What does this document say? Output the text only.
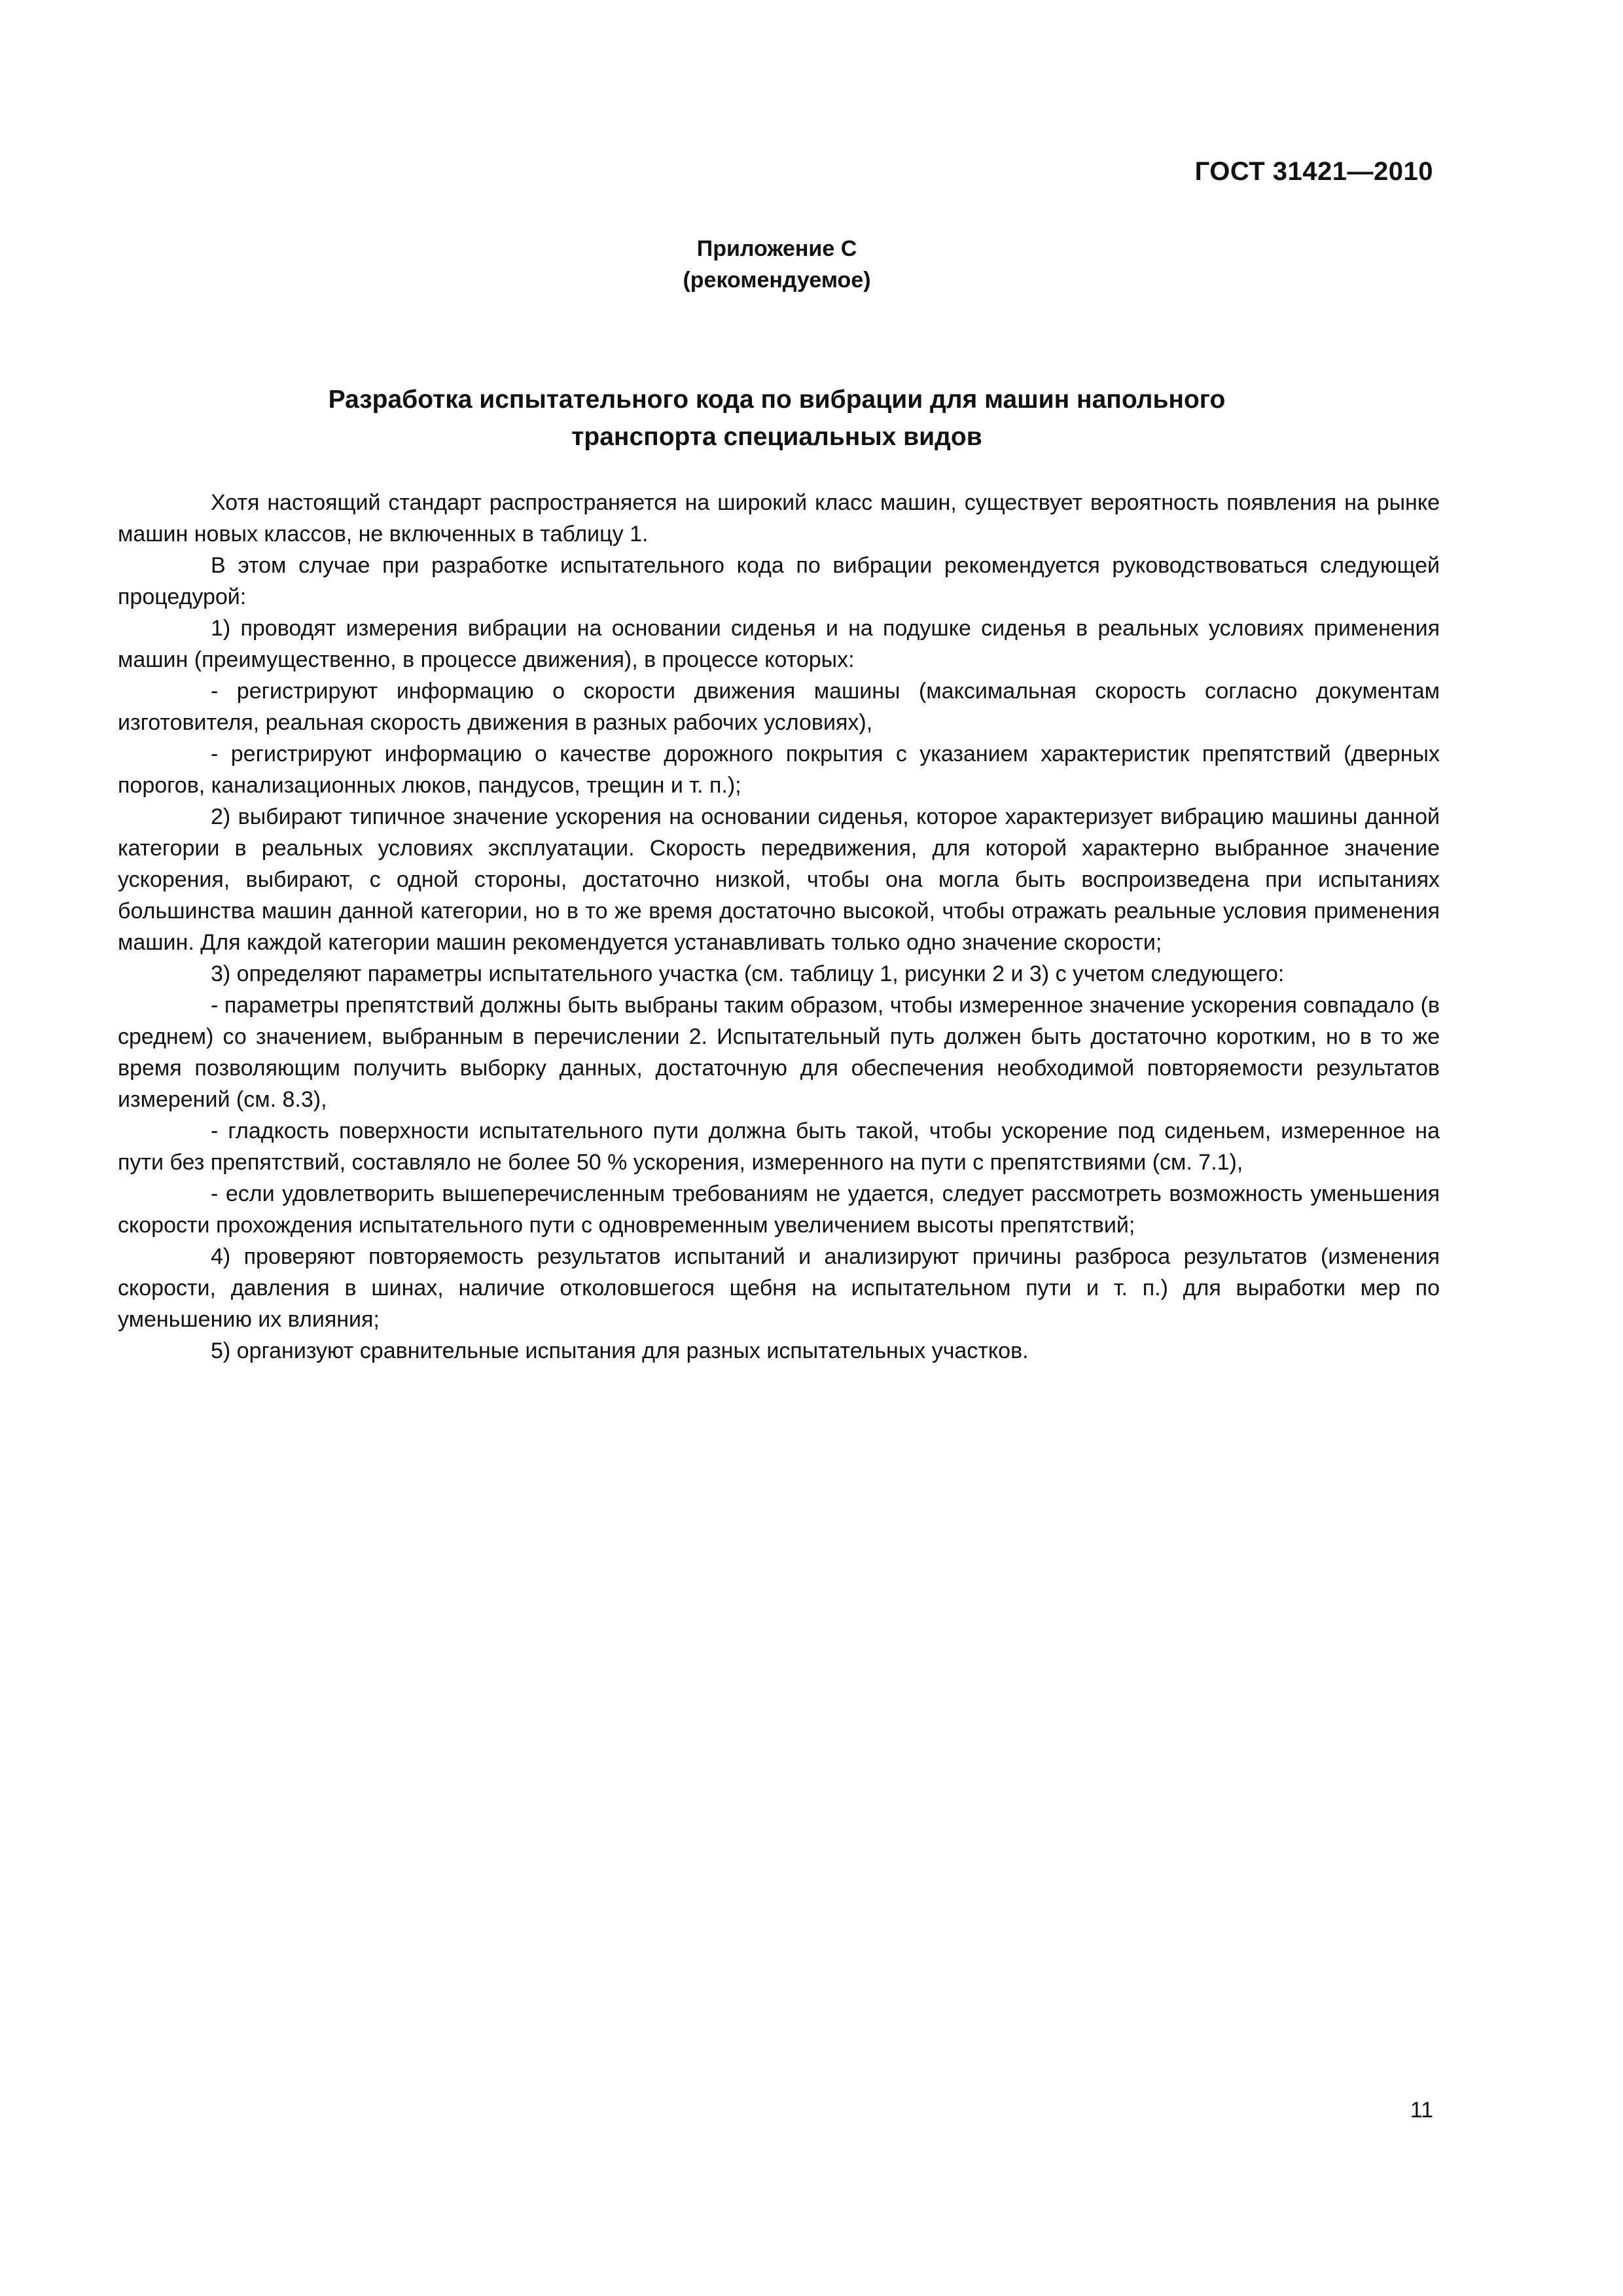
ГОСТ 31421—2010
Приложение С
(рекомендуемое)
Разработка испытательного кода по вибрации для машин напольного
транспорта специальных видов

Хотя настоящий стандарт распространяется на широкий класс машин, существует вероятность появления на рынке машин новых классов, не включенных в таблицу 1.

В этом случае при разработке испытательного кода по вибрации рекомендуется руководствоваться следующей процедурой:

1) проводят измерения вибрации на основании сиденья и на подушке сиденья в реальных условиях применения машин (преимущественно, в процессе движения), в процессе которых:

- регистрируют информацию о скорости движения машины (максимальная скорость согласно документам изготовителя, реальная скорость движения в разных рабочих условиях),

- регистрируют информацию о качестве дорожного покрытия с указанием характеристик препятствий (дверных порогов, канализационных люков, пандусов, трещин и т. п.);

2) выбирают типичное значение ускорения на основании сиденья, которое характеризует вибрацию машины данной категории в реальных условиях эксплуатации. Скорость передвижения, для которой характерно выбранное значение ускорения, выбирают, с одной стороны, достаточно низкой, чтобы она могла быть воспроизведена при испытаниях большинства машин данной категории, но в то же время достаточно высокой, чтобы отражать реальные условия применения машин. Для каждой категории машин рекомендуется устанавливать только одно значение скорости;

3) определяют параметры испытательного участка (см. таблицу 1, рисунки 2 и 3) с учетом следующего:

- параметры препятствий должны быть выбраны таким образом, чтобы измеренное значение ускорения совпадало (в среднем) со значением, выбранным в перечислении 2. Испытательный путь должен быть достаточно коротким, но в то же время позволяющим получить выборку данных, достаточную для обеспечения необходимой повторяемости результатов измерений (см. 8.3),

- гладкость поверхности испытательного пути должна быть такой, чтобы ускорение под сиденьем, измеренное на пути без препятствий, составляло не более 50 % ускорения, измеренного на пути с препятствиями (см. 7.1),

- если удовлетворить вышеперечисленным требованиям не удается, следует рассмотреть возможность уменьшения скорости прохождения испытательного пути с одновременным увеличением высоты препятствий;

4) проверяют повторяемость результатов испытаний и анализируют причины разброса результатов (изменения скорости, давления в шинах, наличие отколовшегося щебня на испытательном пути и т. п.) для выработки мер по уменьшению их влияния;

5) организуют сравнительные испытания для разных испытательных участков.

11
